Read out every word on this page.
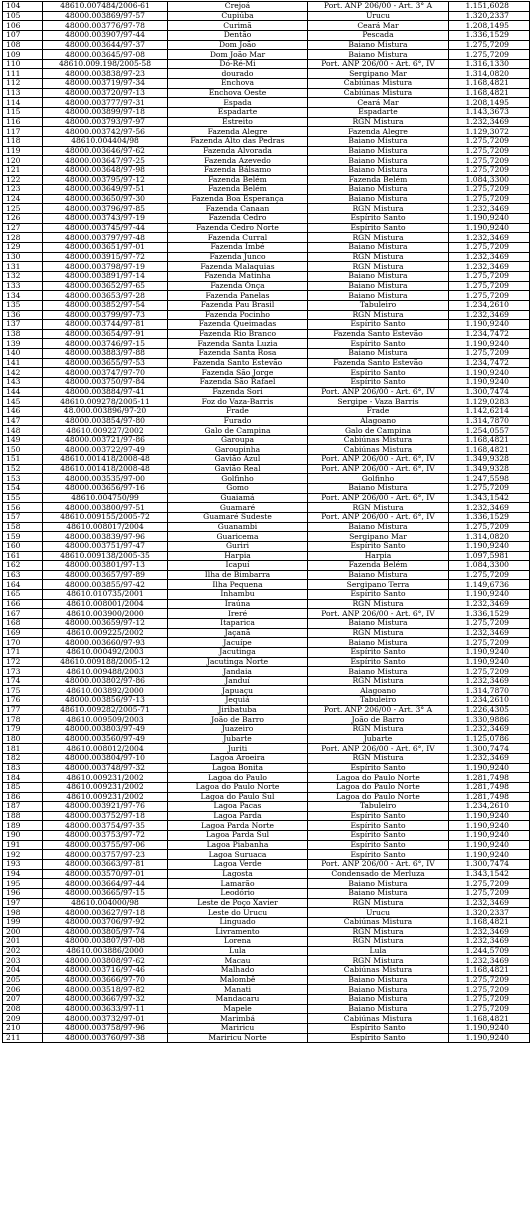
104	48610.007484/2006-61	Crejoá	Port. ANP 206/00 - Art. 3° A	1.151,6028
105	48000.003869/97-57	Cupiúba	Urucu	1.320,2337
106	48000.003776/97-78	Curimã	Ceará Mar	1.208,1495
107	48000.003907/97-44	Dentão	Pescada	1.336,1529
108	48000.003644/97-37	Dom João	Baiano Mistura	1.275,7209
109	48000.003645/97-08	Dom João Mar	Baiano Mistura	1.275,7209
110	48610.009.198/2005-58	Dó-Ré-Mi	Port. ANP 206/00 - Art. 6°, IV	1.316,1330
111	48000.003838/97-23	dourado	Sergipano Mar	1.314,0820
112	48000.003719/97-34	Enchova	Cabiúnas Mistura	1.168,4821
113	48000.003720/97-13	Enchova Oeste	Cabiúnas Mistura	1.168,4821
114	48000.003777/97-31	Espada	Ceará Mar	1.208,1495
115	48000.003899/97-18	Espadarte	Espadarte	1.143,3673
116	48000.003793/97-97	Estreito	RGN Mistura	1.232,3469
117	48000.003742/97-56	Fazenda Alegre	Fazenda Alegre	1.129,3072
118	48610.004404/98	Fazenda Alto das Pedras	Baiano Mistura	1.275,7209
119	48000.003646/97-62	Fazenda Alvorada	Baiano Mistura	1.275,7209
120	48000.003647/97-25	Fazenda Azevedo	Baiano Mistura	1.275,7209
121	48000.003648/97-98	Fazenda Bálsamo	Baiano Mistura	1.275,7209
122	48000.003795/97-12	Fazenda Belém	Fazenda Belém	1.084,3300
123	48000.003649/97-51	Fazenda Belém	Baiano Mistura	1.275,7209
124	48000.003650/97-30	Fazenda Boa Esperança	Baiano Mistura	1.275,7209
125	48000.003796/97-85	Fazenda Canaan	RGN Mistura	1.232,3469
126	48000.003743/97-19	Fazenda Cedro	Espírito Santo	1.190,9240
127	48000.003745/97-44	Fazenda Cedro Norte	Espírito Santo	1.190,9240
128	48000.003797/97-48	Fazenda Curral	RGN Mistura	1.232,3469
129	48000.003651/97-01	Fazenda Imbé	Baiano Mistura	1.275,7209
130	48000.003915/97-72	Fazenda Junco	RGN Mistura	1.232,3469
131	48000.003798/97-19	Fazenda Malaquias	RGN Mistura	1.232,3469
132	48000.003891/97-14	Fazenda Matinha	Baiano Mistura	1.275,7209
133	48000.003652/97-65	Fazenda Onça	Baiano Mistura	1.275,7209
134	48000.003653/97-28	Fazenda Panelas	Baiano Mistura	1.275,7209
135	48000.003852/97-54	Fazenda Pau Brasil	Tabuleiro	1.234,2610
136	48000.003799/97-73	Fazenda Pocinho	RGN Mistura	1.232,3469
137	48000.003744/97-81	Fazenda Queimadas	Espírito Santo	1.190,9240
138	48000.003654/97-91	Fazenda Rio Branco	Fazenda Santo Estevão	1.234,7472
139	48000.003746/97-15	Fazenda Santa Luzia	Espírito Santo	1.190,9240
140	48000.003883/97-88	Fazenda Santa Rosa	Baiano Mistura	1.275,7209
141	48000.003655/97-53	Fazenda Santo Estevão	Fazenda Santo Estevão	1.234,7472
142	48000.003747/97-70	Fazenda São Jorge	Espírito Santo	1.190,9240
143	48000.003750/97-84	Fazenda São Rafael	Espírito Santo	1.190,9240
144	48000.003884/97-41	Fazenda Sori	Port. ANP 206/00 - Art. 6°, IV	1.300,7474
145	48610.009278/2005-11	Foz do Vaza-Barris	Sergipe - Vaza Barris	1.129,0283
146	48.000.003896/97-20	Frade	Frade	1.142,6214
147	48000.003854/97-80	Furado	Alagoano	1.314,7870
148	48610.009227/2002	Galo de Campina	Galo de Campina	1.254,0557
149	48000.003721/97-86	Garoupa	Cabiúnas Mistura	1.168,4821
150	48000.003722/97-49	Garoupinha	Cabiúnas Mistura	1.168,4821
151	48610.001418/2008-48	Gavião Azul	Port. ANP 206/00 - Art. 6°, IV	1.349,9328
152	48610.001418/2008-48	Gavião Real	Port. ANP 206/00 - Art. 6°, IV	1.349,9328
153	48000.003535/97-00	Golfinho	Golfinho	1.247,5598
154	48000.003656/97-16	Gomo	Baiano Mistura	1.275,7209
155	48610.004750/99	Guaiamá	Port. ANP 206/00 - Art. 6°, IV	1.343,1542
156	48000.003800/97-51	Guamaré	RGN Mistura	1.232,3469
157	48610.009155/2005-72	Guamaré Sudeste	Port. ANP 206/00 - Art. 6°, IV	1.336,1529
158	48610.008017/2004	Guanambi	Baiano Mistura	1.275,7209
159	48000.003839/97-96	Guaricema	Sergipano Mar	1.314,0820
160	48000.003751/97-47	Guriri	Espírito Santo	1.190,9240
161	48610.009138/2005-35	Harpia	Harpia	1.097,5981
162	48000.003801/97-13	Icapuí	Fazenda Belém	1.084,3300
163	48000.003657/97-89	Ilha de Bimbarra	Baiano Mistura	1.275,7209
164	48000.003855/97-42	Ilha Pequena	Sergipano Terra	1.149,6736
165	48610.010735/2001	Inhambu	Espírito Santo	1.190,9240
166	48610.008001/2004	Iraúna	RGN Mistura	1.232,3469
167	48610.003900/2000	Ireré	Port. ANP 206/00 - Art. 6°, IV	1.336,1529
168	48000.003659/97-12	Itaparica	Baiano Mistura	1.275,7209
169	48610.009225/2002	Jaçanã	RGN Mistura	1.232,3469
170	48000.003660/97-93	Jacuípe	Baiano Mistura	1.275,7209
171	48610.000492/2003	Jacutinga	Espírito Santo	1.190,9240
172	48610.009188/2005-12	Jacutinga Norte	Espírito Santo	1.190,9240
173	48610.009488/2003	Jandaia	Baiano Mistura	1.275,7209
174	48000.003802/97-86	Janduí	RGN Mistura	1.232,3469
175	48610.003892/2000	Japuaçu	Alagoano	1.314,7870
176	48000.003856/97-13	Jequiá	Tabuleiro	1.234,2610
177	48610.009282/2005-71	Jiribatuba	Port. ANP 206/00 - Art. 3° A	1.226,4305
178	48610.009509/2003	João de Barro	João de Barro	1.330,9886
179	48000.003803/97-49	Juazeiro	RGN Mistura	1.232,3469
180	48000.003560/97-49	Jubarte	Jubarte	1.125,0786
181	48610.008012/2004	Juriti	Port. ANP 206/00 - Art. 6°, IV	1.300,7474
182	48000.003804/97-10	Lagoa Aroeira	RGN Mistura	1.232,3469
183	48000.003748/97-32	Lagoa Bonita	Espírito Santo	1.190,9240
184	48610.009231/2002	Lagoa do Paulo	Lagoa do Paulo Norte	1.281,7498
185	48610.009231/2002	Lagoa do Paulo Norte	Lagoa do Paulo Norte	1.281,7498
186	48610.009231/2002	Lagoa do Paulo Sul	Lagoa do Paulo Norte	1.281,7498
187	48000.003921/97-76	Lagoa Pacas	Tabuleiro	1.234,2610
188	48000.003752/97-18	Lagoa Parda	Espírito Santo	1.190,9240
189	48000.003754/97-35	Lagoa Parda Norte	Espírito Santo	1.190,9240
190	48000.003753/97-72	Lagoa Parda Sul	Espírito Santo	1.190,9240
191	48000.003755/97-06	Lagoa Piabanha	Espírito Santo	1.190,9240
192	48000.003757/97-23	Lagoa Suruaca	Espírito Santo	1.190,9240
193	48000.003663/97-81	Lagoa Verde	Port. ANP 206/00 - Art. 6°, IV	1.300,7474
194	48000.003570/97-01	Lagosta	Condensado de Merluza	1.343,1542
195	48000.003664/97-44	Lamarão	Baiano Mistura	1.275,7209
196	48000.003665/97-15	Leodório	Baiano Mistura	1.275,7209
197	48610.004000/98	Leste de Poço Xavier	RGN Mistura	1.232,3469
198	48000.003627/97-18	Leste do Urucu	Urucu	1.320,2337
199	48000.003706/97-92	Linguado	Cabiúnas Mistura	1.168,4821
200	48000.003805/97-74	Livramento	RGN Mistura	1.232,3469
201	48000.003807/97-08	Lorena	RGN Mistura	1.232,3469
202	48610.003886/2000	Lula	Lula	1.244,5709
203	48000.003808/97-62	Macau	RGN Mistura	1.232,3469
204	48000.003716/97-46	Malhado	Cabiúnas Mistura	1.168,4821
205	48000.003666/97-70	Malombê	Baiano Mistura	1.275,7209
206	48000.003518/97-82	Manati	Baiano Mistura	1.275,7209
207	48000.003667/97-32	Mandacaru	Baiano Mistura	1.275,7209
208	48000.003633/97-11	Mapele	Baiano Mistura	1.275,7209
209	48000.003732/97-01	Marimbá	Cabiúnas Mistura	1.168,4821
210	48000.003758/97-96	Mariricu	Espírito Santo	1.190,9240
211	48000.003760/97-38	Mariricu Norte	Espírito Santo	1.190,9240
